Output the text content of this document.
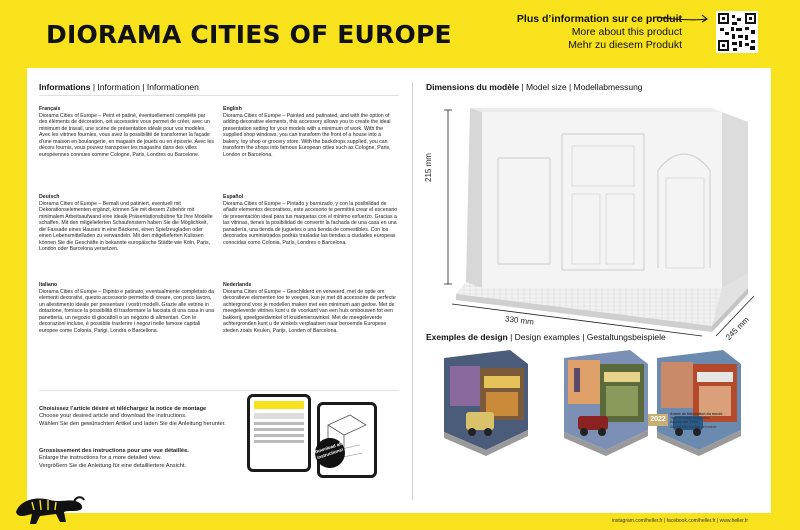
DIORAMA CITIES OF EUROPE
Plus d’information sur ce produit
More about this product
Mehr zu diesem Produkt
Informations | Information | Informationen
Français
Diorama Cities of Europe – Peint et patiné, éventuellement complété par des éléments de décoration, cet accessoire vous permet de créer, avec un minimum de travail, une scène de présentation idéale pour vos modèles. Avec les vitrines fournies, vous avez la possibilité de transformer la façade d’une maison en boulangerie, en magasin de jouets ou en épicerie. Avec les décors fournis, vous pouvez transposer les magasins dans des villes européennes connues comme Cologne, Paris, Londres ou Barcelone.
English
Diorama Cities of Europe – Painted and patinated, and with the option of adding decorative elements, this accessory allows you to create the ideal presentation setting for your models with a minimum of work. With the supplied shop windows, you can transform the front of a house into a bakery, toy shop or grocery store. With the backdrops supplied, you can transform the shops into famous European cities such as Cologne, Paris, London or Barcelona.
Deutsch
Diorama Cities of Europe – Bemalt und patiniert, eventuell mit Dekorationselementen ergänzt, können Sie mit diesem Zubehör mit minimalem Arbeitsaufwand eine ideale Präsentationsbühne für Ihre Modelle schaffen. Mit den mitgelieferten Schaufenstern haben Sie die Möglichkeit, die Fassade eines Hauses in eine Bäckerei, einen Spielzeugladen oder einen Lebensmittelladen zu verwandeln. Mit den mitgelieferten Kulissen können Sie die Geschäfte in bekannte europäische Städte wie Köln, Paris, London oder Barcelona versetzen.
Español
Diorama Cities of Europe – Pintado y barnizado, y con la posibilidad de añadir elementos decorativos, este accesorio te permitirá crear el escenario de presentación ideal para tus maquetas con el mínimo esfuerzo. Gracias a las vitrinas, tienes la posibilidad de convertir la fachada de una casa en una panadería, una tienda de juguetes o una tienda de comestibles. Con los decorados suministrados podrás trasladar las tiendas a ciudades europeas conocidas como Colonia, París, Londres o Barcelona.
Italiano
Diorama Cities of Europe – Dipinto e patinato, eventualmente completato da elementi decorativi, questo accessorio permette di creare, con poco lavoro, un allestimento ideale per presentare i vostri modelli. Grazie alle vetrine in dotazione, fornisce la possibilità di trasformare la facciata di una casa in una panetteria, un negozio di giocattoli o un negozio di alimentari. Con le decorazioni incluse, è possibile trasferire i negozi nelle famose capitali europee come Colonia, Parigi, Londra o Barcellona.
Nederlands
Diorama Cities of Europe – Geschilderd en verweerd, met de optie om decoratieve elementen toe te voegen, kun je met dit accessoire de perfecte achtergrond voor je modellen maken met een minimum aan gedoe. Met de meegeleverde vitrines kunt u de voorkant van een huis ombouwen tot een bakkerij, speelgoedwinkel of kruidenierswinkel. Met de meegeleverde achtergronden kunt u de winkels verplaatsen naar beroemde Europese steden zoals Keulen, Parijs, Londen of Barcelona.
Choisissez l’article désiré et téléchargez la notice de montage
Choose your desired article and download the instructions.
Wählen Sie den gewünschten Artikel und laden Sie die Anleitung herunter.
Grossissement des instructions pour une vue détaillée.
Enlarge the instructions for a more detailed view.
Vergrößern Sie die Anleitung für eine detailliertere Ansicht.
Download all instructions!
Dimensions du modèle | Model size | Modellabmessung
215 mm
330 mm	245 mm
Exemples de design | Design examples | Gestaltungsbeispiele
2022
Année de fabrication du moule
Year of mould production
Baujahr der Form
Año de fabricación del molde
instagram.com/heller.fr | facebook.com/heller.fr | www.heller.fr
